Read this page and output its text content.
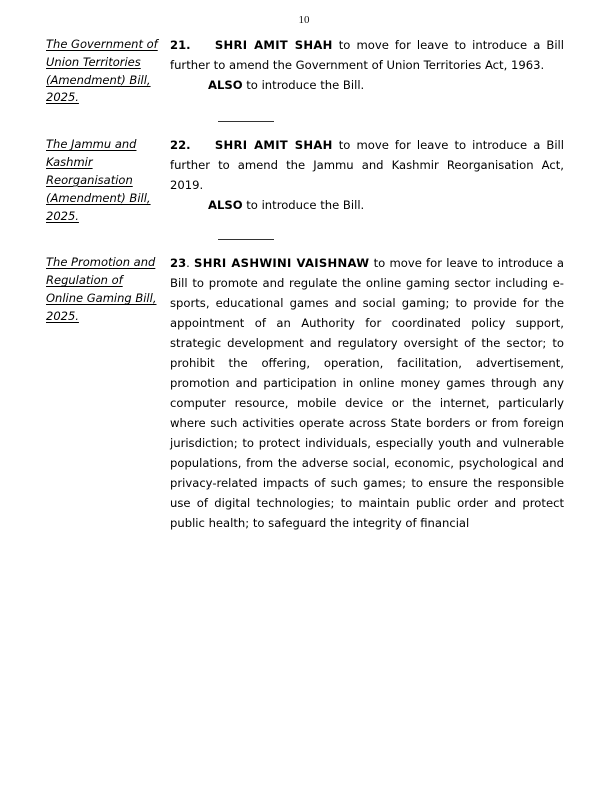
10
The Government of Union Territories (Amendment) Bill, 2025.

21. SHRI AMIT SHAH to move for leave to introduce a Bill further to amend the Government of Union Territories Act, 1963.

ALSO to introduce the Bill.

The Jammu and Kashmir Reorganisation (Amendment) Bill, 2025.

22. SHRI AMIT SHAH to move for leave to introduce a Bill further to amend the Jammu and Kashmir Reorganisation Act, 2019.

ALSO to introduce the Bill.

The Promotion and Regulation of Online Gaming Bill, 2025.

23. SHRI ASHWINI VAISHNAW to move for leave to introduce a Bill to promote and regulate the online gaming sector including e-sports, educational games and social gaming; to provide for the appointment of an Authority for coordinated policy support, strategic development and regulatory oversight of the sector; to prohibit the offering, operation, facilitation, advertisement, promotion and participation in online money games through any computer resource, mobile device or the internet, particularly where such activities operate across State borders or from foreign jurisdiction; to protect individuals, especially youth and vulnerable populations, from the adverse social, economic, psychological and privacy-related impacts of such games; to ensure the responsible use of digital technologies; to maintain public order and protect public health; to safeguard the integrity of financial
